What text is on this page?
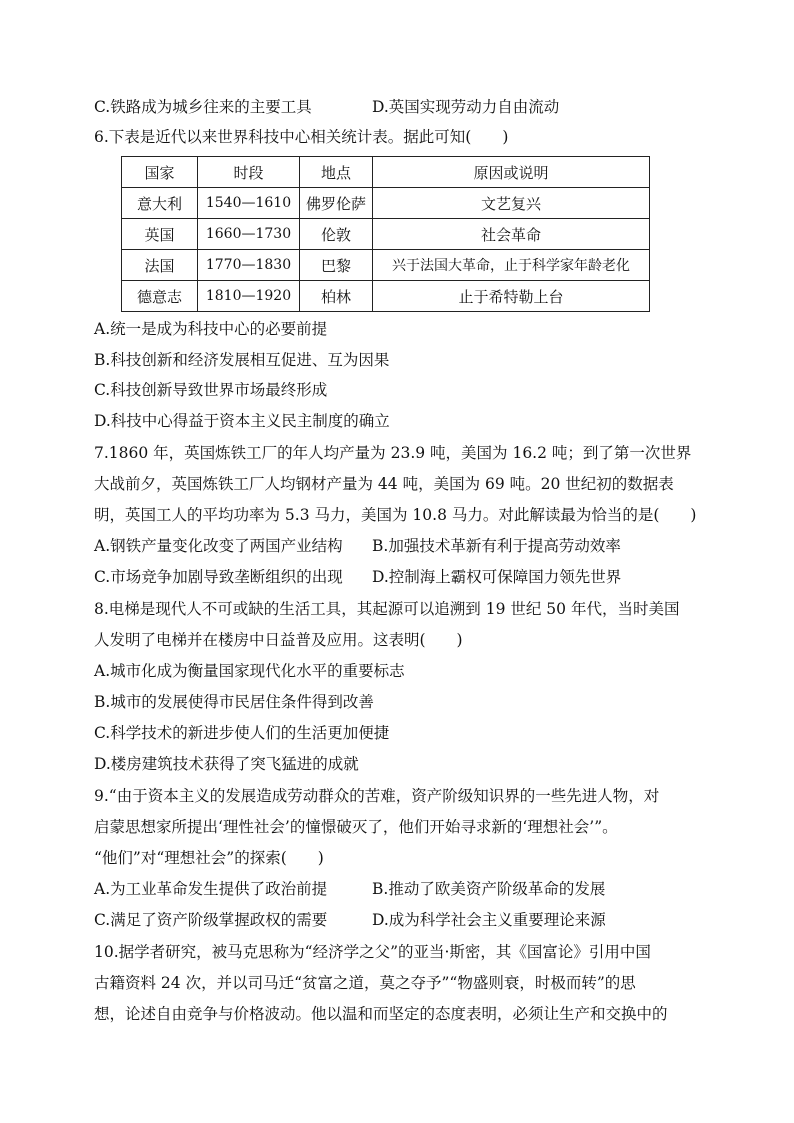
C.铁路成为城乡往来的主要工具	D.英国实现劳动力自由流动
6.下表是近代以来世界科技中心相关统计表。据此可知(　　)
国家	时段	地点	原因或说明
意大利	1540—1610	佛罗伦萨	文艺复兴
英国	1660—1730	伦敦	社会革命
法国	1770—1830	巴黎	兴于法国大革命，止于科学家年龄老化
德意志	1810—1920	柏林	止于希特勒上台
A.统一是成为科技中心的必要前提
B.科技创新和经济发展相互促进、互为因果
C.科技创新导致世界市场最终形成
D.科技中心得益于资本主义民主制度的确立
7.1860 年，英国炼铁工厂的年人均产量为 23.9 吨，美国为 16.2 吨；到了第一次世界
大战前夕，英国炼铁工厂人均钢材产量为 44 吨，美国为 69 吨。20 世纪初的数据表
明，英国工人的平均功率为 5.3 马力，美国为 10.8 马力。对此解读最为恰当的是(　　)
A.钢铁产量变化改变了两国产业结构 B.加强技术革新有利于提高劳动效率
C.市场竞争加剧导致垄断组织的出现 D.控制海上霸权可保障国力领先世界
8.电梯是现代人不可或缺的生活工具，其起源可以追溯到 19 世纪 50 年代，当时美国
人发明了电梯并在楼房中日益普及应用。这表明(　　)
A.城市化成为衡量国家现代化水平的重要标志
B.城市的发展使得市民居住条件得到改善
C.科学技术的新进步使人们的生活更加便捷
D.楼房建筑技术获得了突飞猛进的成就
9.“由于资本主义的发展造成劳动群众的苦难，资产阶级知识界的一些先进人物，对
启蒙思想家所提出‘理性社会’的憧憬破灭了，他们开始寻求新的‘理想社会’”。
“他们”对“理想社会”的探索(　　)
A.为工业革命发生提供了政治前提	B.推动了欧美资产阶级革命的发展
C.满足了资产阶级掌握政权的需要	D.成为科学社会主义重要理论来源
10.据学者研究，被马克思称为“经济学之父”的亚当·斯密，其《国富论》引用中国
古籍资料 24 次，并以司马迁“贫富之道，莫之夺予”“物盛则衰，时极而转”的思
想，论述自由竞争与价格波动。他以温和而坚定的态度表明，必须让生产和交换中的
